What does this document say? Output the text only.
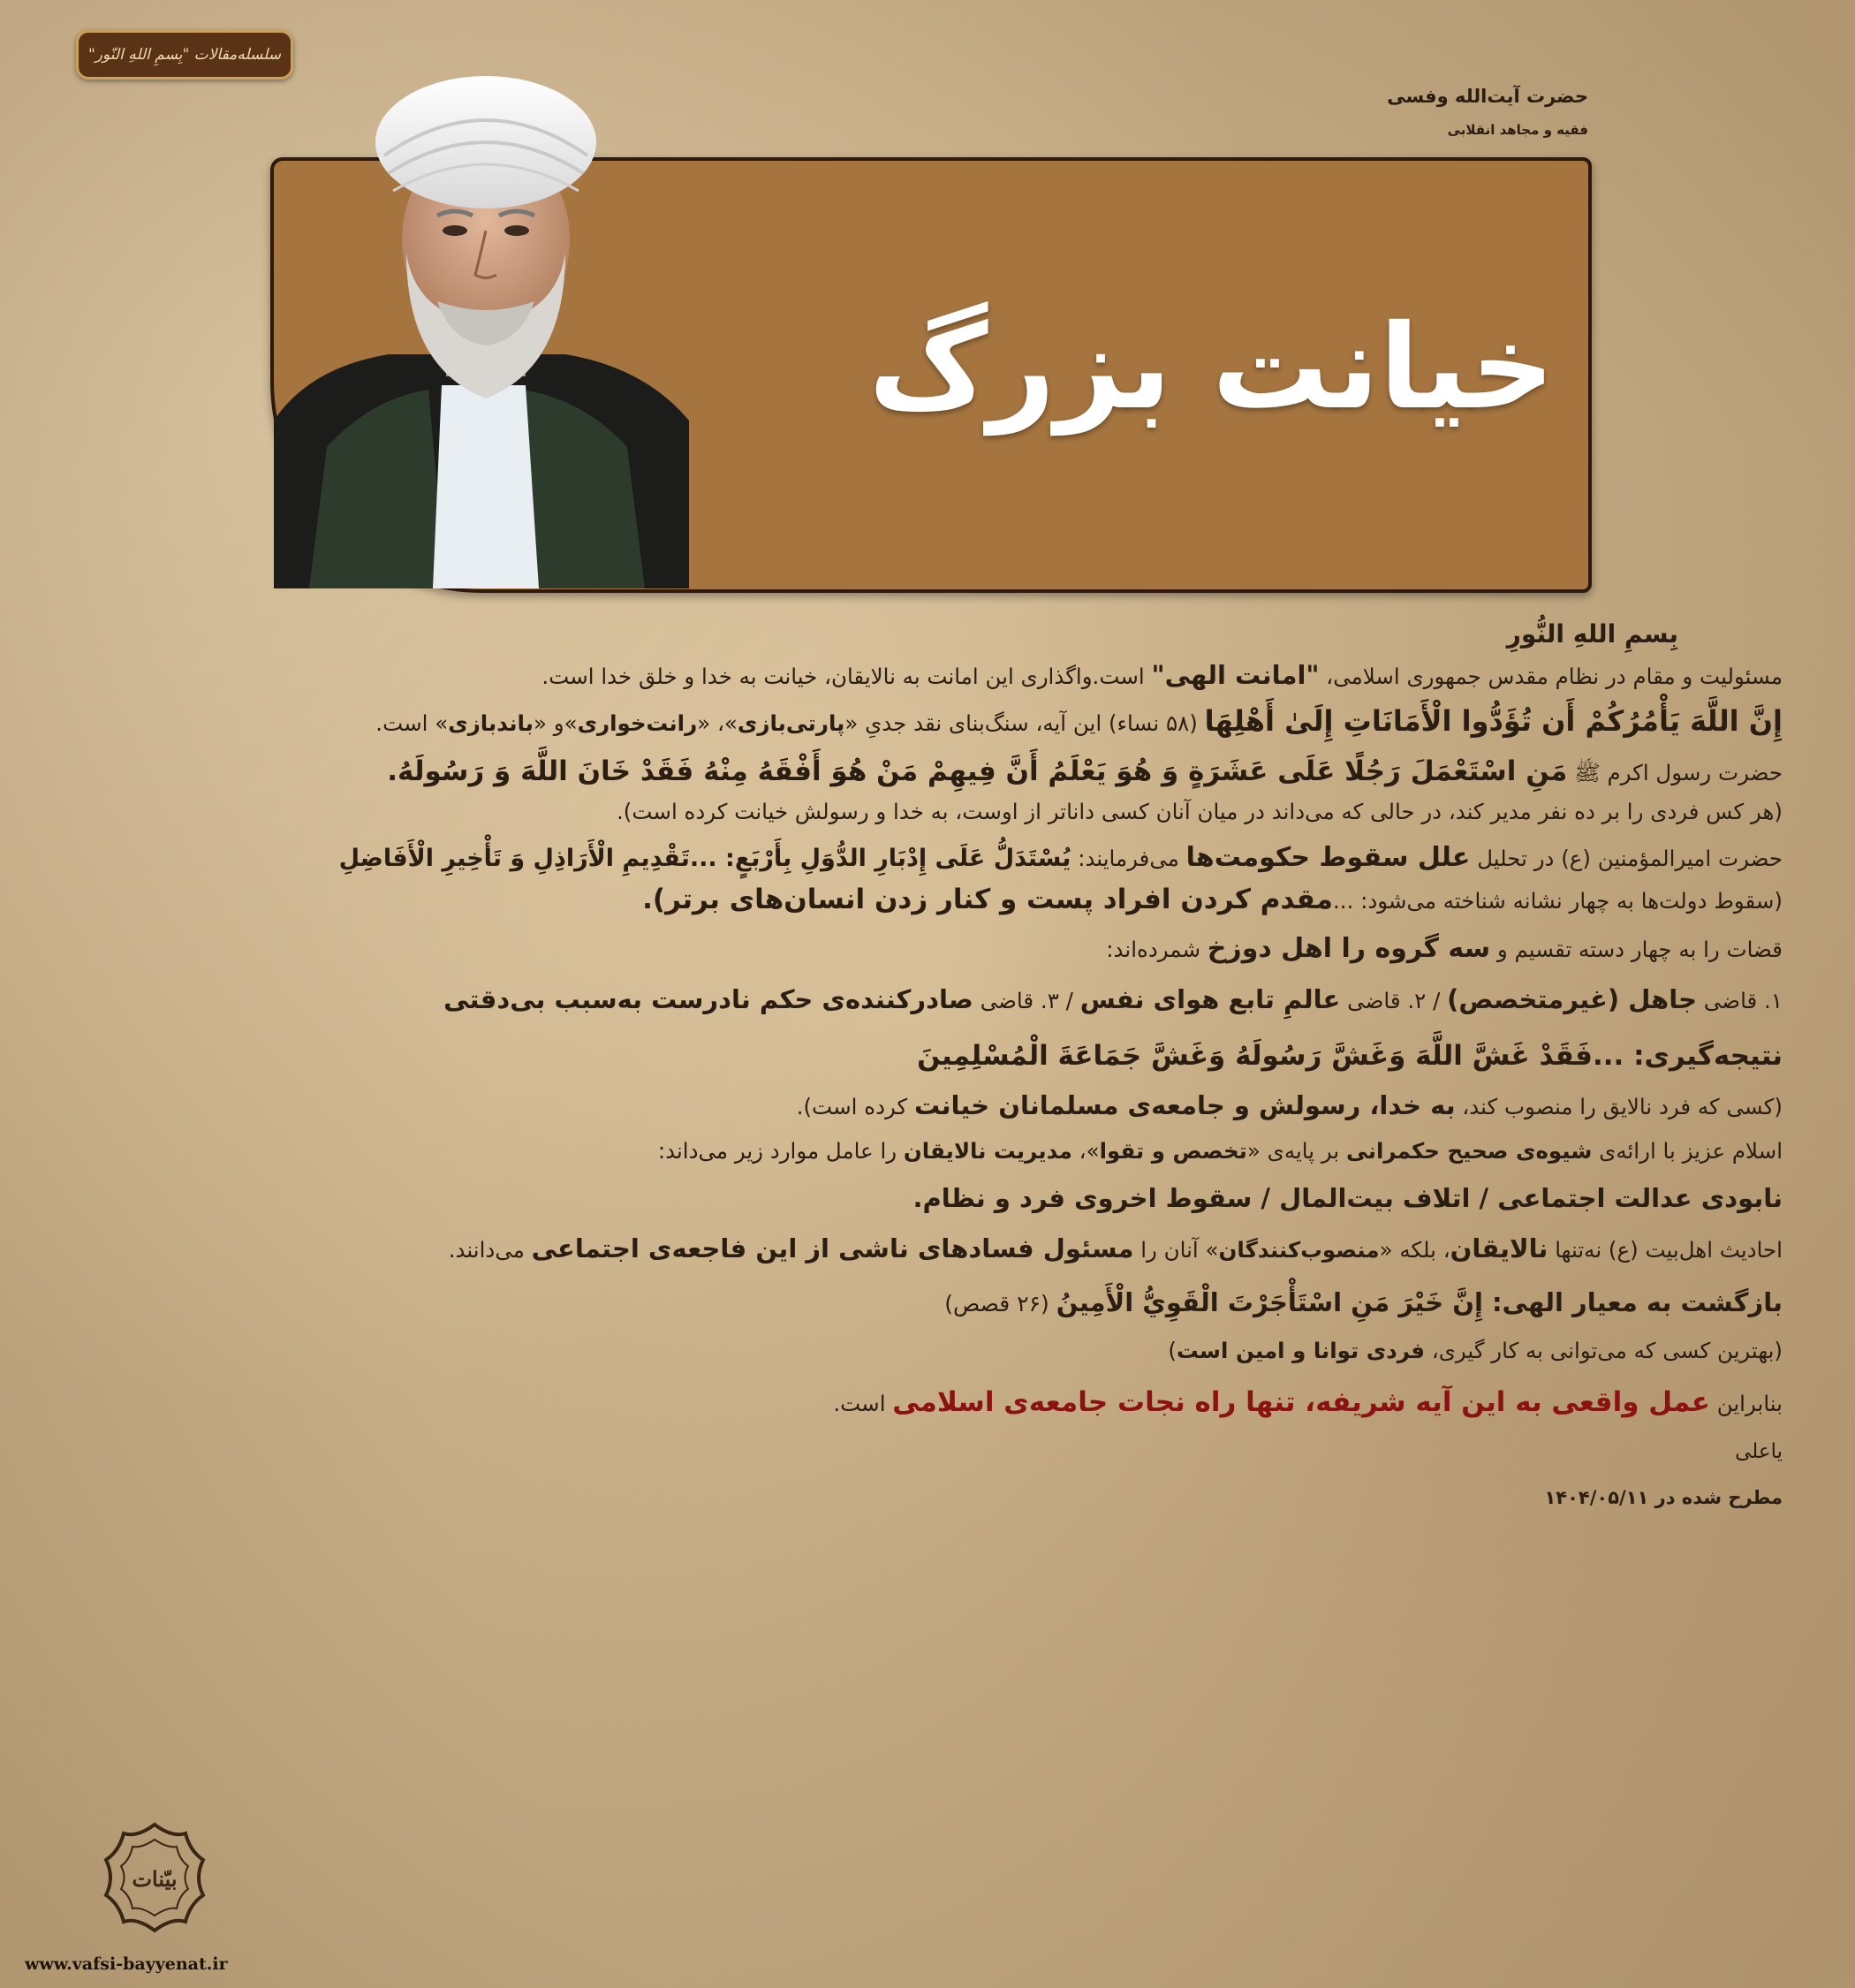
سلسله‌مقالات "بِسمِ اللهِ النّور"
حضرت آیت‌الله وفسی
فقیه و مجاهد انقلابی
خیانت بزرگ

بِسمِ اللهِ النُّورِ

مسئولیت و مقام در نظام مقدس جمهوری اسلامی، "امانت الهی" است.واگذاری این امانت به نالایقان، خیانت به خدا و خلق خدا است.

إِنَّ اللَّهَ يَأْمُرُكُمْ أَن تُؤَدُّوا الْأَمَانَاتِ إِلَىٰ أَهْلِهَا (۵۸ نساء) این آیه، سنگ‌بنای نقد جدیِ «پارتی‌بازی»، «رانت‌خواری»و «باندبازی» است.

حضرت رسول اکرم ﷺ مَنِ اسْتَعْمَلَ رَجُلًا عَلَى عَشَرَةٍ وَ هُوَ يَعْلَمُ أَنَّ فِيهِمْ مَنْ هُوَ أَفْقَهُ مِنْهُ فَقَدْ خَانَ اللَّهَ وَ رَسُولَهُ.

(هر کس فردی را بر ده نفر مدیر کند، در حالی که می‌داند در میان آنان کسی داناتر از اوست، به خدا و رسولش خیانت کرده است).

حضرت امیرالمؤمنین (ع) در تحلیل علل سقوط حکومت‌ها می‌فرمایند: يُسْتَدَلُّ عَلَى إِدْبَارِ الدُّوَلِ بِأَرْبَعٍ: ...تَقْدِيمِ الْأَرَاذِلِ وَ تَأْخِيرِ الْأَفَاضِلِ

(سقوط دولت‌ها به چهار نشانه شناخته می‌شود: ...مقدم کردن افراد پست و کنار زدن انسان‌های برتر).

قضات را به چهار دسته تقسیم و سه گروه را اهل دوزخ شمرده‌اند:

۱. قاضی جاهل (غیرمتخصص) / ۲. قاضی عالمِ تابع هوای نفس / ۳. قاضی صادرکننده‌ی حکم نادرست به‌سبب بی‌دقتی

نتیجه‌گیری: ...فَقَدْ غَشَّ اللَّهَ وَغَشَّ رَسُولَهُ وَغَشَّ جَمَاعَةَ الْمُسْلِمِينَ

(کسی که فرد نالایق را منصوب کند، به خدا، رسولش و جامعه‌ی مسلمانان خیانت کرده است).

اسلام عزیز با ارائه‌ی شیوه‌ی صحیح حکمرانی بر پایه‌ی «تخصص و تقوا»، مدیریت نالایقان را عامل موارد زیر می‌داند:

نابودی عدالت اجتماعی / اتلاف بیت‌المال / سقوط اخروی فرد و نظام.

احادیث اهل‌بیت (ع) نه‌تنها نالایقان، بلکه «منصوب‌کنندگان» آنان را مسئول فسادهای ناشی از این فاجعه‌ی اجتماعی می‌دانند.

بازگشت به معیار الهی: إِنَّ خَيْرَ مَنِ اسْتَأْجَرْتَ الْقَوِيُّ الْأَمِينُ (۲۶ قصص)

(بهترین کسی که می‌توانی به کار گیری، فردی توانا و امین است)

بنابراین عمل واقعی به این آیه شریفه، تنها راه نجات جامعه‌ی اسلامی است.

یاعلی

مطرح شده در ۱۴۰۴/۰۵/۱۱

بیّنات
www.vafsi-bayyenat.ir
